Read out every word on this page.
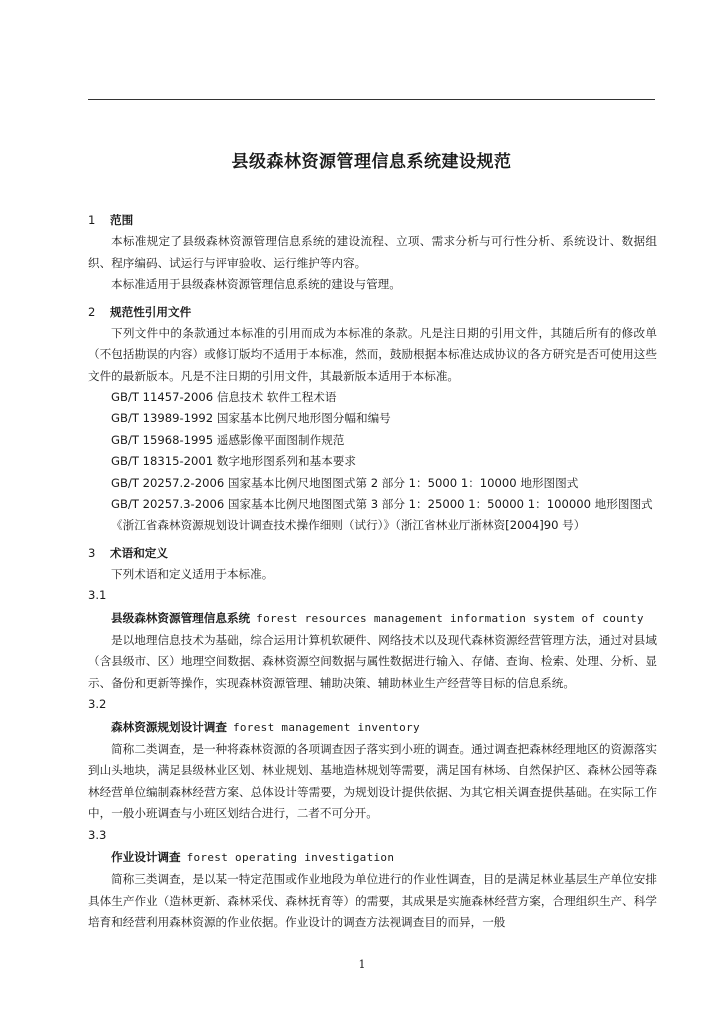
县级森林资源管理信息系统建设规范

1 范围

本标准规定了县级森林资源管理信息系统的建设流程、立项、需求分析与可行性分析、系统设计、数据组织、程序编码、试运行与评审验收、运行维护等内容。

本标准适用于县级森林资源管理信息系统的建设与管理。

2 规范性引用文件

下列文件中的条款通过本标准的引用而成为本标准的条款。凡是注日期的引用文件，其随后所有的修改单（不包括勘误的内容）或修订版均不适用于本标准，然而，鼓励根据本标准达成协议的各方研究是否可使用这些文件的最新版本。凡是不注日期的引用文件，其最新版本适用于本标准。

GB/T 11457-2006 信息技术 软件工程术语

GB/T 13989-1992 国家基本比例尺地形图分幅和编号

GB/T 15968-1995 遥感影像平面图制作规范

GB/T 18315-2001 数字地形图系列和基本要求

GB/T 20257.2-2006 国家基本比例尺地图图式第 2 部分 1：5000 1：10000 地形图图式

GB/T 20257.3-2006 国家基本比例尺地图图式第 3 部分 1：25000 1：50000 1：100000 地形图图式

《浙江省森林资源规划设计调查技术操作细则（试行）》（浙江省林业厅浙林资[2004]90 号）

3 术语和定义

下列术语和定义适用于本标准。

3.1

县级森林资源管理信息系统 forest resources management information system of county

是以地理信息技术为基础，综合运用计算机软硬件、网络技术以及现代森林资源经营管理方法，通过对县域（含县级市、区）地理空间数据、森林资源空间数据与属性数据进行输入、存储、查询、检索、处理、分析、显示、备份和更新等操作，实现森林资源管理、辅助决策、辅助林业生产经营等目标的信息系统。

3.2

森林资源规划设计调查 forest management inventory

简称二类调查，是一种将森林资源的各项调查因子落实到小班的调查。通过调查把森林经理地区的资源落实到山头地块，满足县级林业区划、林业规划、基地造林规划等需要，满足国有林场、自然保护区、森林公园等森林经营单位编制森林经营方案、总体设计等需要，为规划设计提供依据、为其它相关调查提供基础。在实际工作中，一般小班调查与小班区划结合进行，二者不可分开。

3.3

作业设计调查 forest operating investigation

简称三类调查，是以某一特定范围或作业地段为单位进行的作业性调查，目的是满足林业基层生产单位安排具体生产作业（造林更新、森林采伐、森林抚育等）的需要，其成果是实施森林经营方案，合理组织生产、科学培育和经营利用森林资源的作业依据。作业设计的调查方法视调查目的而异，一般

1
